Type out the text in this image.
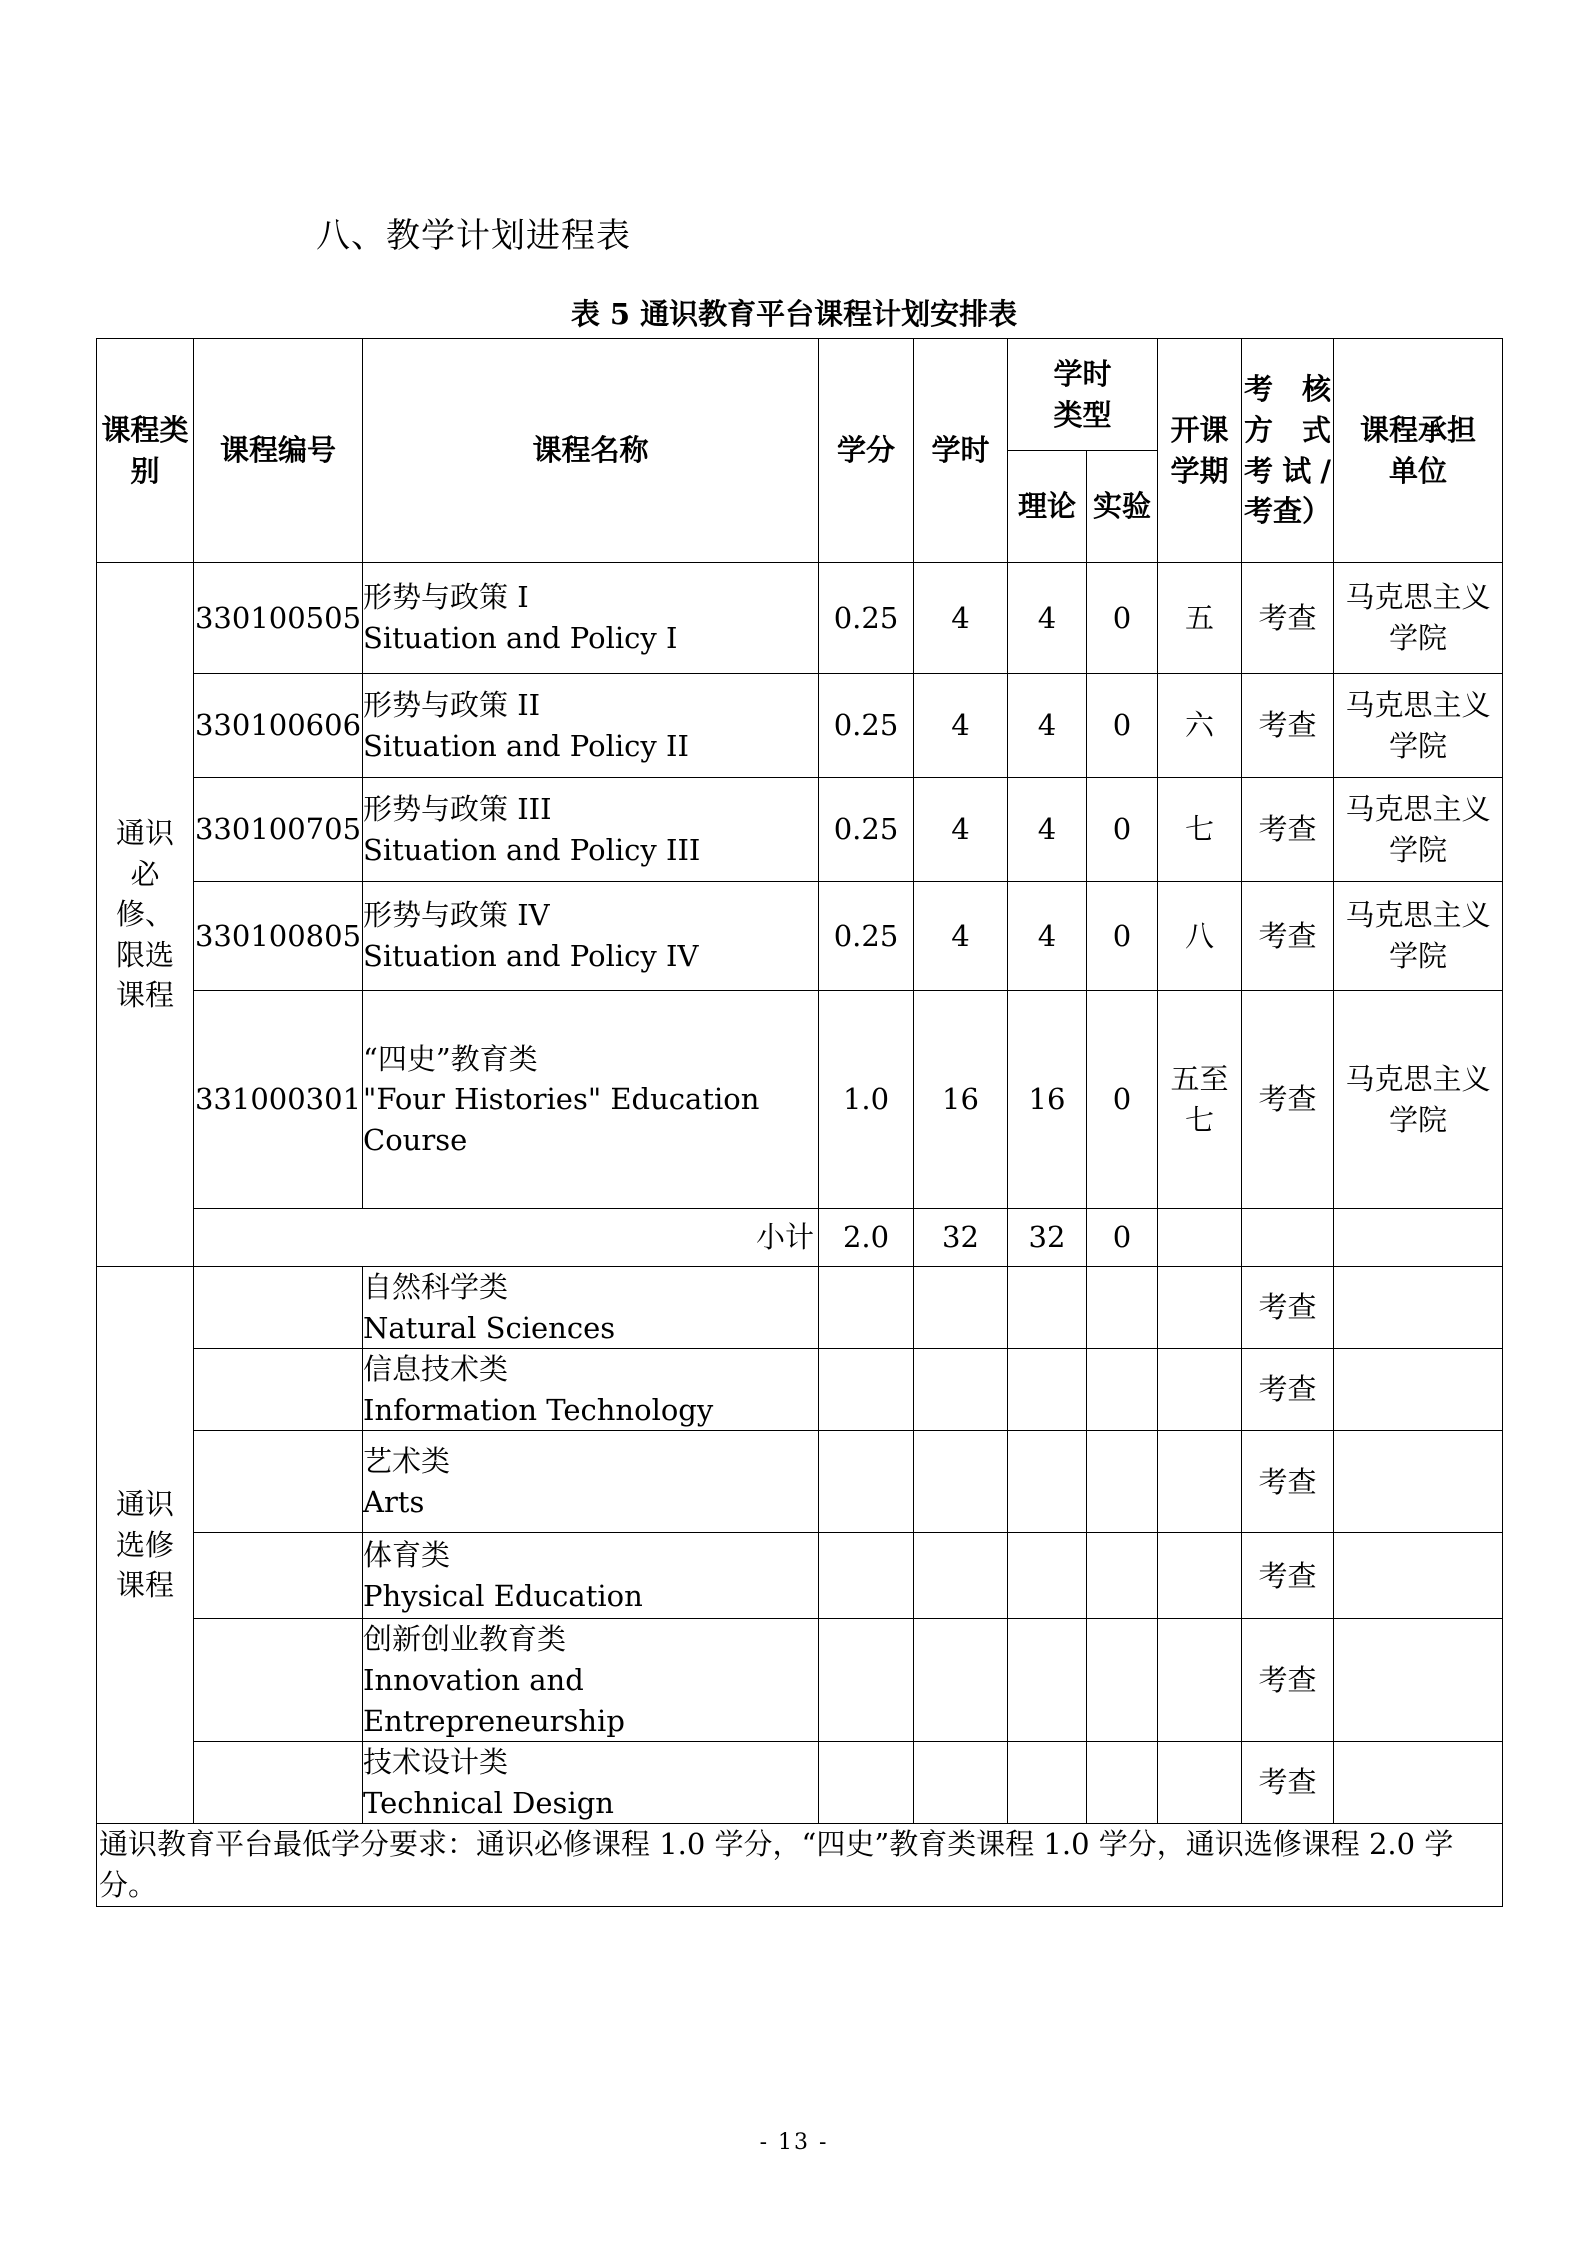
八、教学计划进程表
表 5 通识教育平台课程计划安排表
课程类别	课程编号	课程名称	学分	学时	学时类型		开课学期	考 核方 式考试/考查）	课程承担单位
					理论	实验			
通识必修、限选课程	330100505	形势与政策 I
Situation and Policy I	0.25	4	4	0	五	考查	马克思主义学院
	330100606	形势与政策 II
Situation and Policy II	0.25	4	4	0	六	考查	马克思主义学院
	330100705	形势与政策 III
Situation and Policy III	0.25	4	4	0	七	考查	马克思主义学院
	330100805	形势与政策 IV
Situation and Policy IV	0.25	4	4	0	八	考查	马克思主义学院
	331000301	“四史”教育类
"Four Histories" Education Course	1.0	16	16	0	五至七	考查	马克思主义学院
	小计		2.0	32	32	0			
通识选修课程		自然科学类
Natural Sciences						考查	

		信息技术类
Information Technology						考查	

		艺术类
Arts						考查	

		体育类
Physical Education						考查	

		创新创业教育类
Innovation and Entrepreneurship						考查	

		技术设计类
Technical Design						考查	
通识教育平台最低学分要求：通识必修课程 1.0 学分，“四史”教育类课程 1.0 学分，通识选修课程 2.0 学分。									
- 13 -
